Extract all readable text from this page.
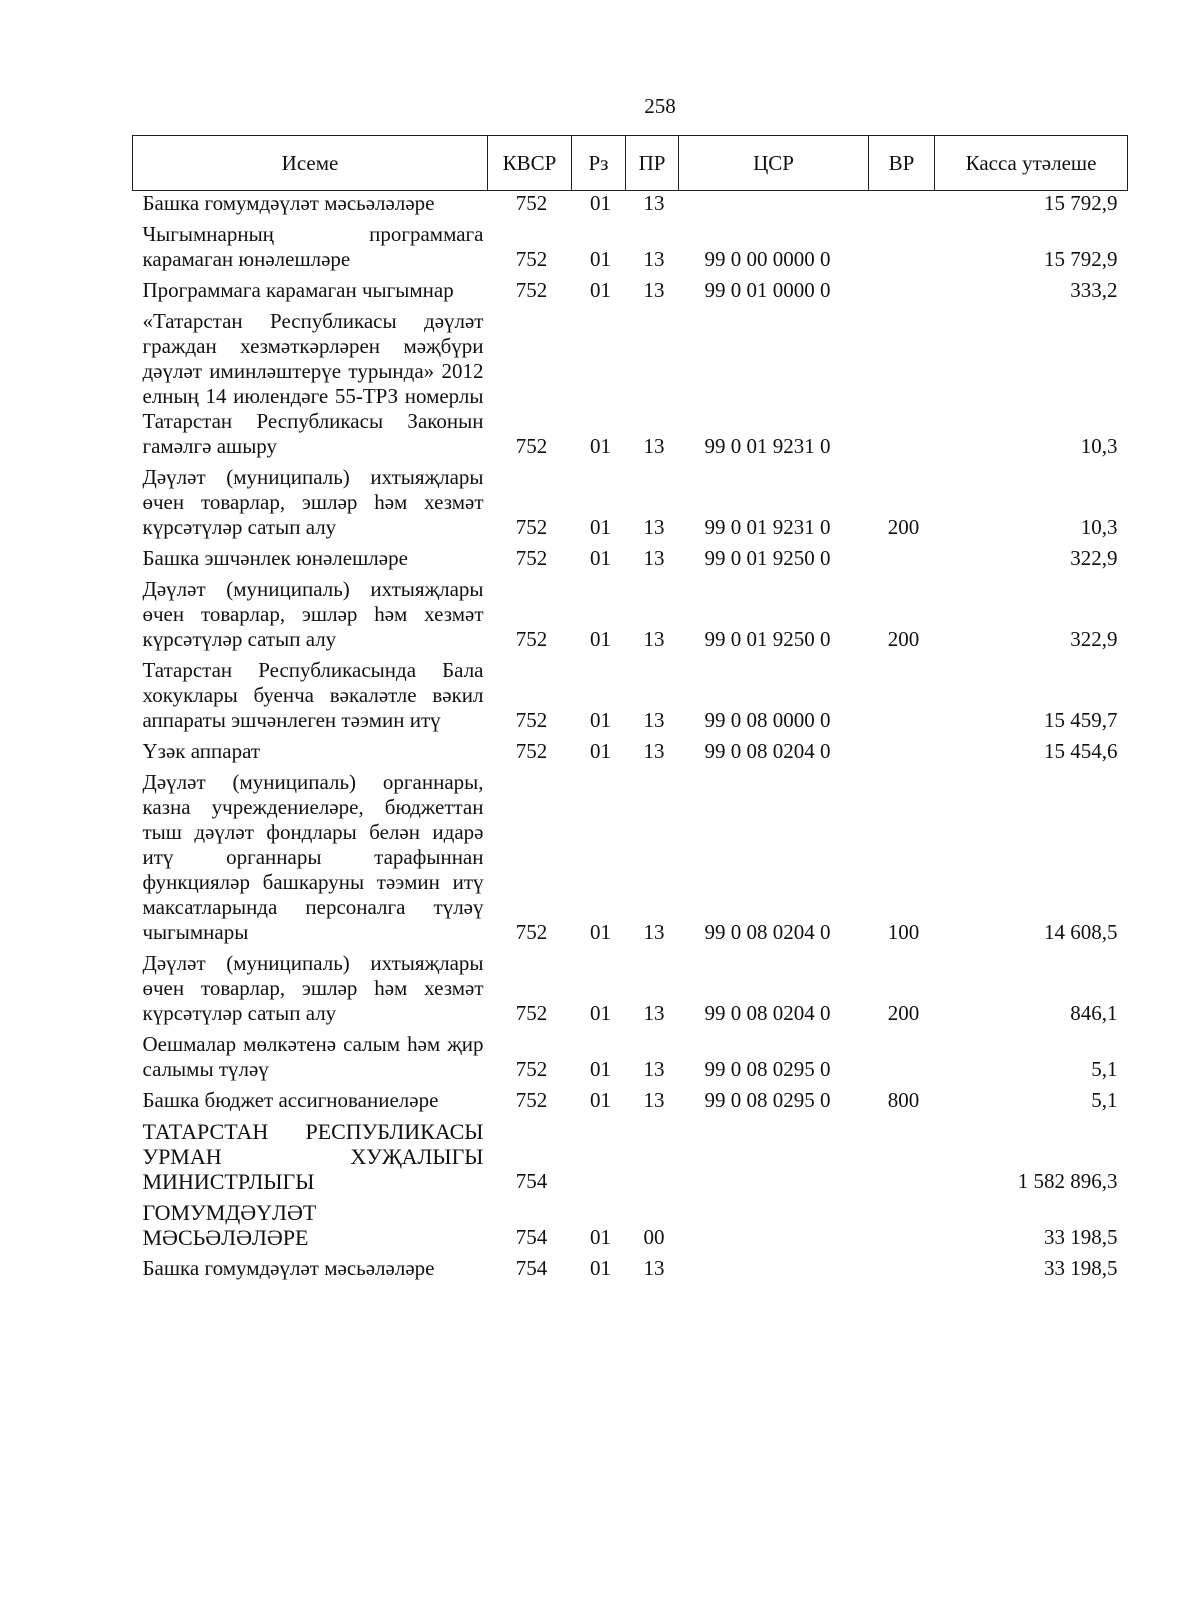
258
Исеме	КВСР	Рз	ПР	ЦСР	ВР	Касса утәлеше
Башка гомумдәүләт мәсьәләләре	752	01	13			15 792,9
Чыгымнарның программага карамаган юнәлешләре	752	01	13	99 0 00 0000 0		15 792,9
Программага карамаган чыгымнар	752	01	13	99 0 01 0000 0		333,2
«Татарстан Республикасы дәүләт граждан хезмәткәрләрен мәҗбүри дәүләт иминләштерүе турында» 2012 елның 14 июлендәге 55-ТРЗ номерлы Татарстан Республикасы Законын гамәлгә ашыру	752	01	13	99 0 01 9231 0		10,3
Дәүләт (муниципаль) ихтыяҗлары өчен товарлар, эшләр һәм хезмәт күрсәтүләр сатып алу	752	01	13	99 0 01 9231 0	200	10,3
Башка эшчәнлек юнәлешләре	752	01	13	99 0 01 9250 0		322,9
Дәүләт (муниципаль) ихтыяҗлары өчен товарлар, эшләр һәм хезмәт күрсәтүләр сатып алу	752	01	13	99 0 01 9250 0	200	322,9
Татарстан Республикасында Бала хокуклары буенча вәкаләтле вәкил аппараты эшчәнлеген тәэмин итү	752	01	13	99 0 08 0000 0		15 459,7
Үзәк аппарат	752	01	13	99 0 08 0204 0		15 454,6
Дәүләт (муниципаль) органнары, казна учреждениеләре, бюджеттан тыш дәүләт фондлары белән идарә итү органнары тарафыннан функцияләр башкаруны тәэмин итү максатларында персоналга түләү чыгымнары	752	01	13	99 0 08 0204 0	100	14 608,5
Дәүләт (муниципаль) ихтыяҗлары өчен товарлар, эшләр һәм хезмәт күрсәтүләр сатып алу	752	01	13	99 0 08 0204 0	200	846,1
Оешмалар мөлкәтенә салым һәм җир салымы түләү	752	01	13	99 0 08 0295 0		5,1
Башка бюджет ассигнованиеләре	752	01	13	99 0 08 0295 0	800	5,1
ТАТАРСТАН РЕСПУБЛИКАСЫ УРМАН ХУҖАЛЫГЫ МИНИСТРЛЫГЫ	754					1 582 896,3
ГОМУМДӘҮЛӘТ МӘСЬӘЛӘЛӘРЕ	754	01	00			33 198,5
Башка гомумдәүләт мәсьәләләре	754	01	13			33 198,5
